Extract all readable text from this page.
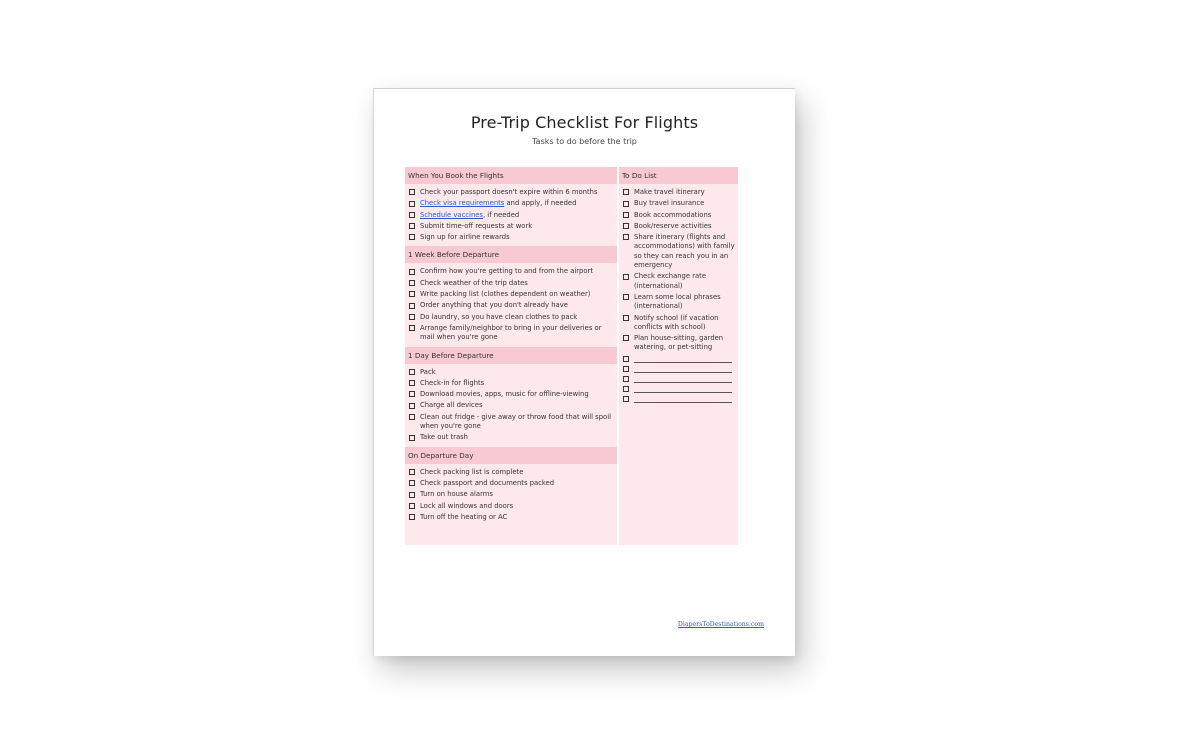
Pre-Trip Checklist For Flights
Tasks to do before the trip
When You Book the Flights
Check your passport doesn't expire within 6 months
Check visa requirements and apply, if needed
Schedule vaccines, if needed
Submit time-off requests at work
Sign up for airline rewards
1 Week Before Departure
Confirm how you're getting to and from the airport
Check weather of the trip dates
Write packing list (clothes dependent on weather)
Order anything that you don't already have
Do laundry, so you have clean clothes to pack
Arrange family/neighbor to bring in your deliveries or mail when you're gone
1 Day Before Departure
Pack
Check-in for flights
Download movies, apps, music for offline-viewing
Charge all devices
Clean out fridge - give away or throw food that will spoil when you're gone
Take out trash
On Departure Day
Check packing list is complete
Check passport and documents packed
Turn on house alarms
Lock all windows and doors
Turn off the heating or AC
To Do List
Make travel itinerary
Buy travel insurance
Book accommodations
Book/reserve activities
Share itinerary (flights and accommodations) with family so they can reach you in an emergency
Check exchange rate (international)
Learn some local phrases (international)
Notify school (if vacation conflicts with school)
Plan house-sitting, garden watering, or pet-sitting
DiapersToDestinations.com
